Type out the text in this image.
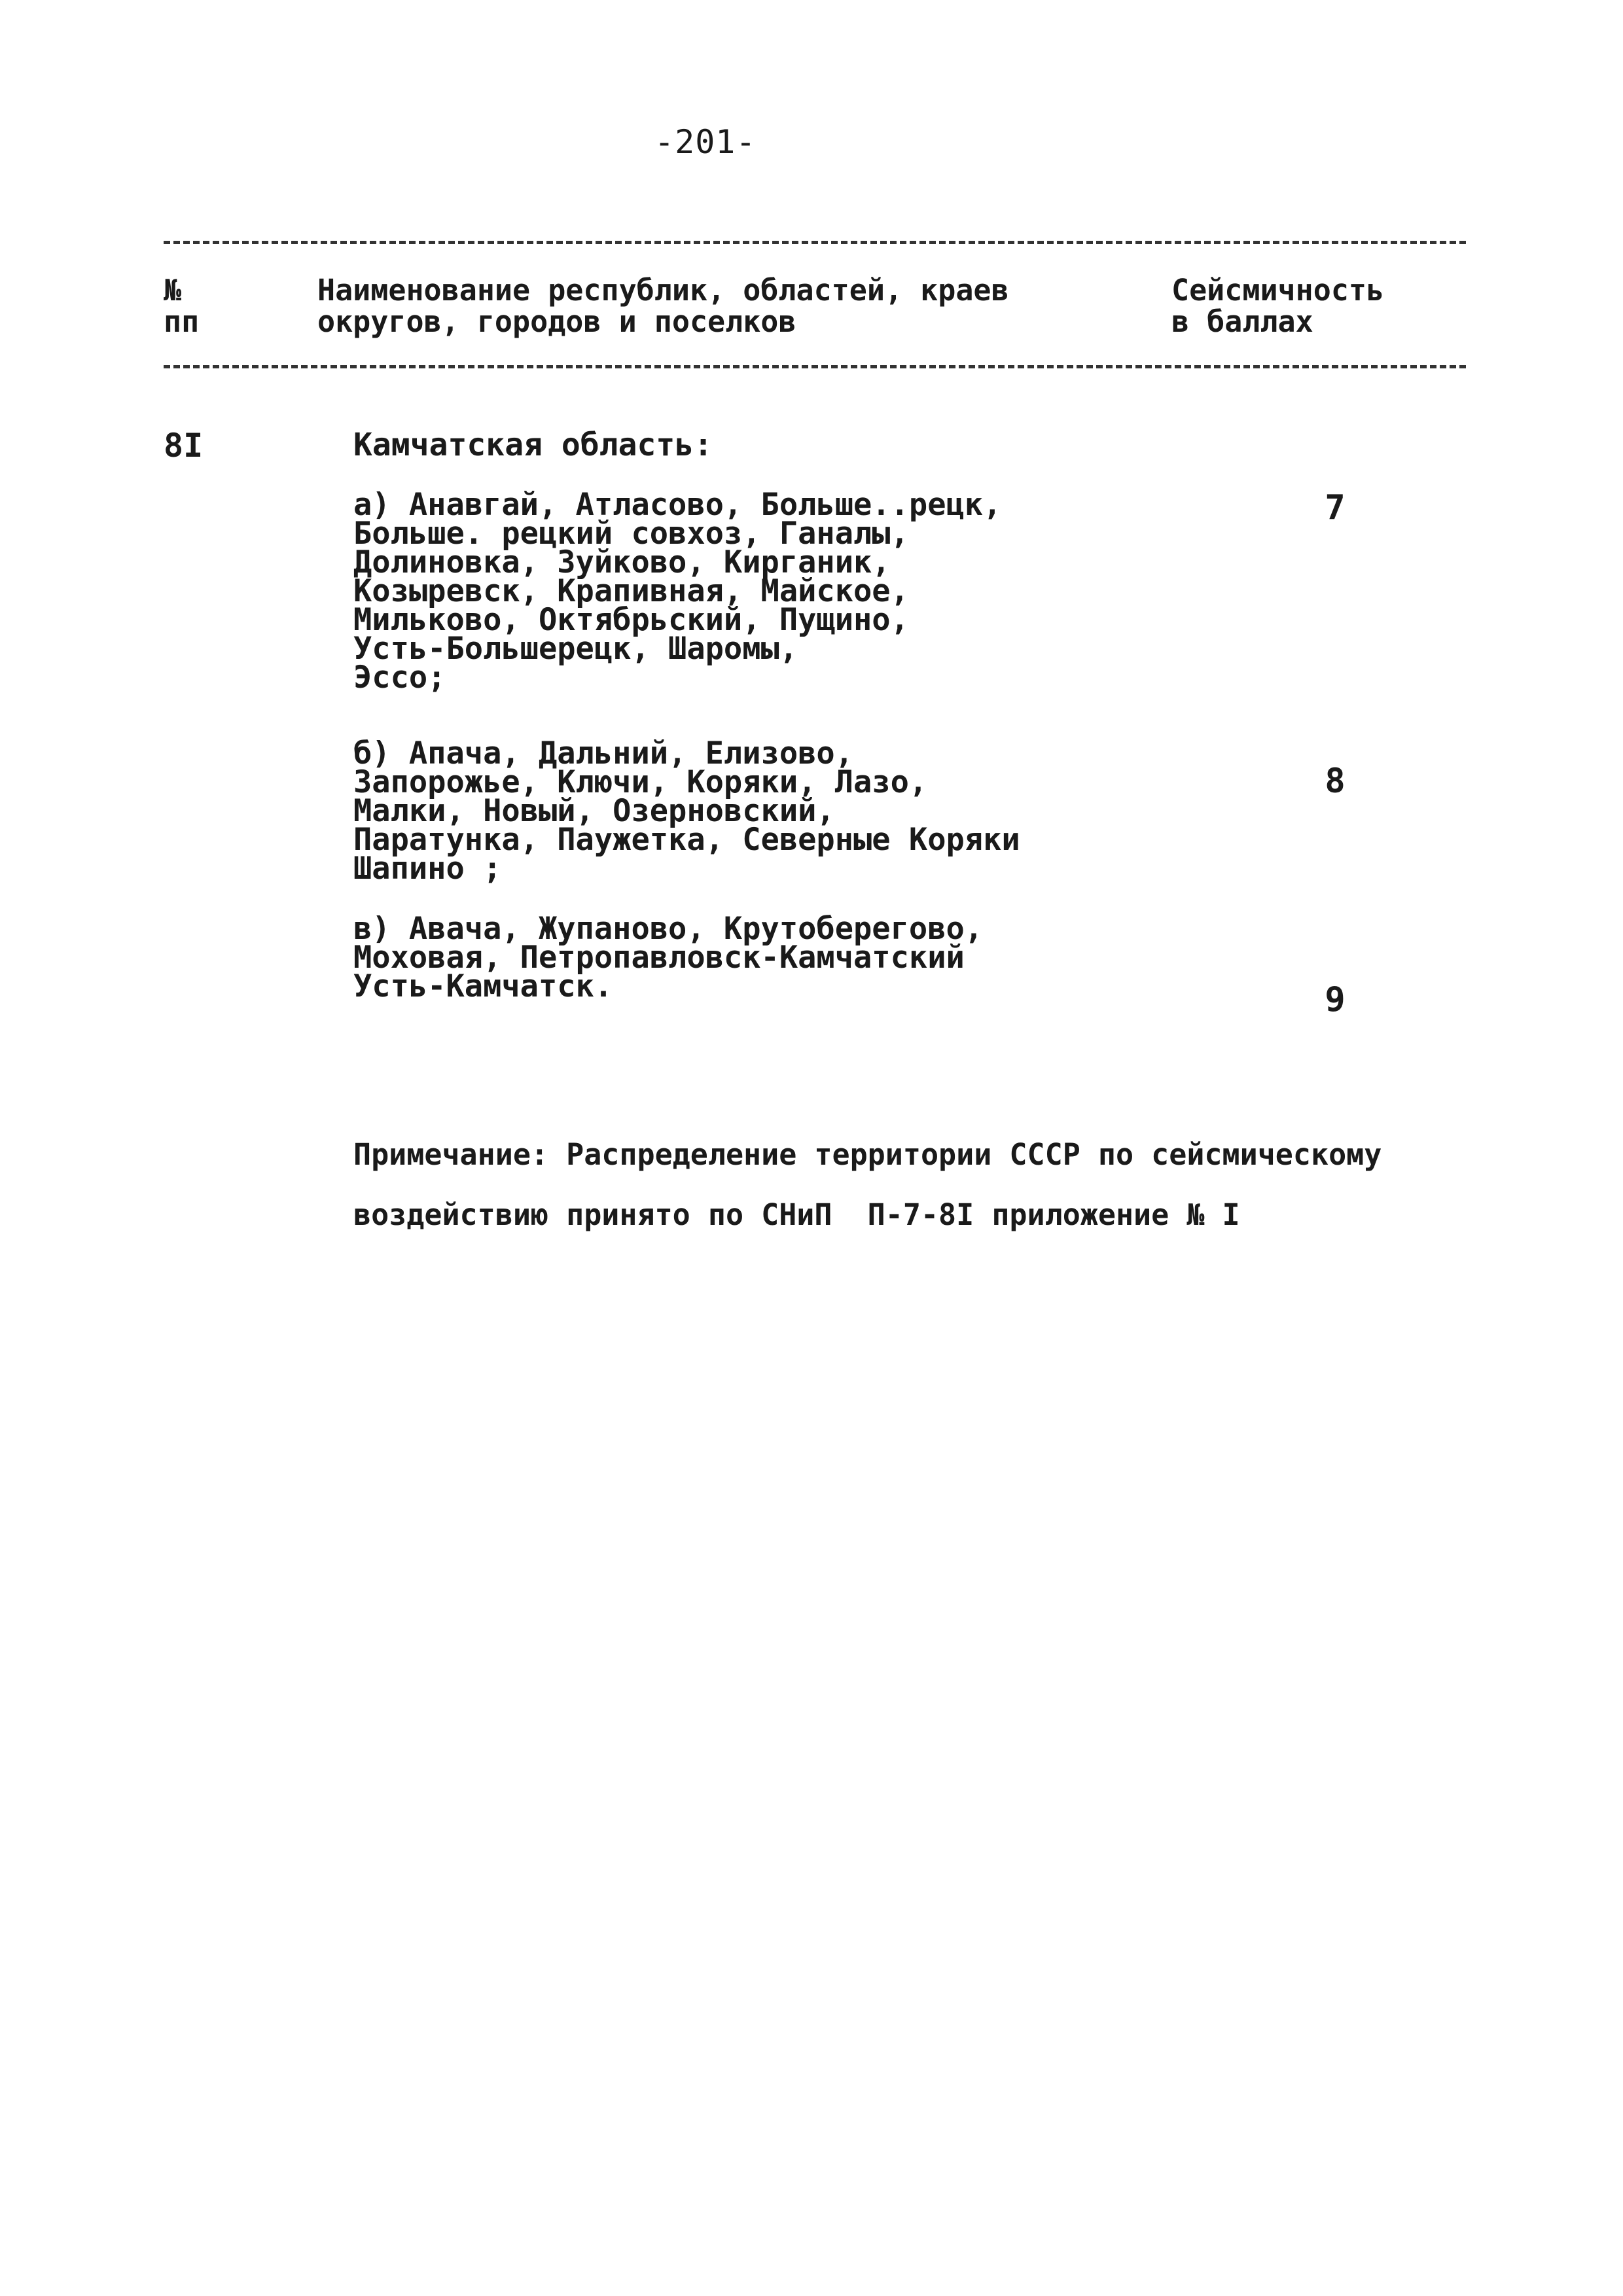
-201-
№
пп
Наименование республик, областей, краев
округов, городов и поселков
Сейсмичность
в баллах
8I	Камчатская область:
а) Анавгай, Атласово, Больше..рецк,
Больше. рецкий совхоз, Ганалы,
Долиновка, Зуйково, Кирганик,
Козыревск, Крапивная, Майское,
Мильково, Октябрьский, Пущино,
Усть-Большерецк, Шаромы,
Эссо;
7
б) Апача, Дальний, Елизово,
Запорожье, Ключи, Коряки, Лазо,
Малки, Новый, Озерновский,
Паратунка, Паужетка, Северные Коряки
Шапино ;
8
в) Авача, Жупаново, Крутоберегово,
Моховая, Петропавловск-Камчатский
Усть-Камчатск.	9
Примечание: Распределение территории СССР по сейсмическому
воздействию принято по СНиП  П-7-8I приложение № I
